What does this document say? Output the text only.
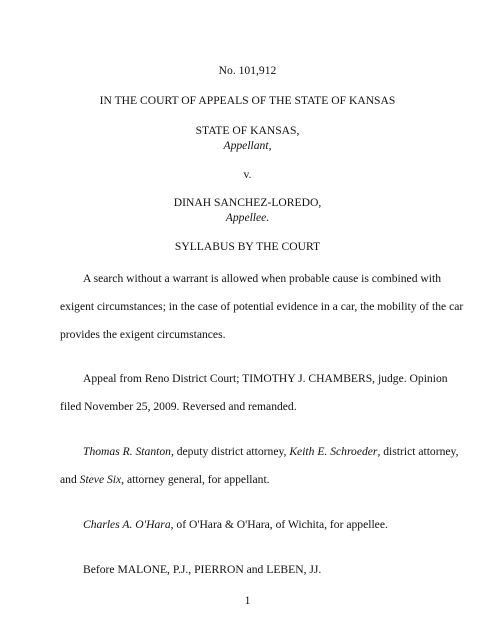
No. 101,912
IN THE COURT OF APPEALS OF THE STATE OF KANSAS
STATE OF KANSAS,
Appellant,
v.
DINAH SANCHEZ-LOREDO,
Appellee.
SYLLABUS BY THE COURT
A search without a warrant is allowed when probable cause is combined with
exigent circumstances; in the case of potential evidence in a car, the mobility of the car
provides the exigent circumstances.
Appeal from Reno District Court; TIMOTHY J. CHAMBERS, judge. Opinion
filed November 25, 2009. Reversed and remanded.
Thomas R. Stanton, deputy district attorney, Keith E. Schroeder, district attorney,
and Steve Six, attorney general, for appellant.
Charles A. O'Hara, of O'Hara & O'Hara, of Wichita, for appellee.
Before MALONE, P.J., PIERRON and LEBEN, JJ.
1
